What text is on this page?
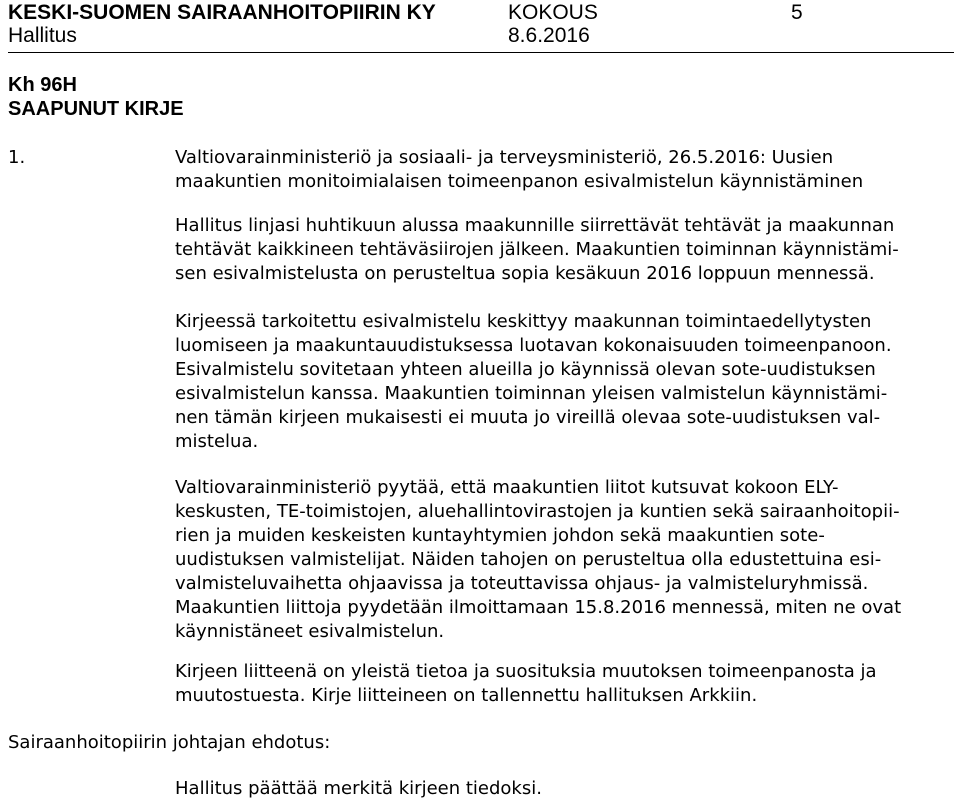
KESKI-SUOMEN SAIRAANHOITOPIIRIN KY	KOKOUS	5
Hallitus	8.6.2016
Kh 96H
SAAPUNUT KIRJE
1.	Valtiovarainministeriö ja sosiaali- ja terveysministeriö, 26.5.2016: Uusien
maakuntien monitoimialaisen toimeenpanon esivalmistelun käynnistäminen

Hallitus linjasi huhtikuun alussa maakunnille siirrettävät tehtävät ja maakunnan
tehtävät kaikkineen tehtäväsiirojen jälkeen. Maakuntien toiminnan käynnistämi-
sen esivalmistelusta on perusteltua sopia kesäkuun 2016 loppuun mennessä.

Kirjeessä tarkoitettu esivalmistelu keskittyy maakunnan toimintaedellytysten
luomiseen ja maakuntauudistuksessa luotavan kokonaisuuden toimeenpanoon.
Esivalmistelu sovitetaan yhteen alueilla jo käynnissä olevan sote-uudistuksen
esivalmistelun kanssa. Maakuntien toiminnan yleisen valmistelun käynnistämi-
nen tämän kirjeen mukaisesti ei muuta jo vireillä olevaa sote-uudistuksen val-
mistelua.

Valtiovarainministeriö pyytää, että maakuntien liitot kutsuvat kokoon ELY-
keskusten, TE-toimistojen, aluehallintovirastojen ja kuntien sekä sairaanhoitopii-
rien ja muiden keskeisten kuntayhtymien johdon sekä maakuntien sote-
uudistuksen valmistelijat. Näiden tahojen on perusteltua olla edustettuina esi-
valmisteluvaihetta ohjaavissa ja toteuttavissa ohjaus- ja valmisteluryhmissä.
Maakuntien liittoja pyydetään ilmoittamaan 15.8.2016 mennessä, miten ne ovat
käynnistäneet esivalmistelun.

Kirjeen liitteenä on yleistä tietoa ja suosituksia muutoksen toimeenpanosta ja
muutostuesta. Kirje liitteineen on tallennettu hallituksen Arkkiin.

Sairaanhoitopiirin johtajan ehdotus:
Hallitus päättää merkitä kirjeen tiedoksi.
